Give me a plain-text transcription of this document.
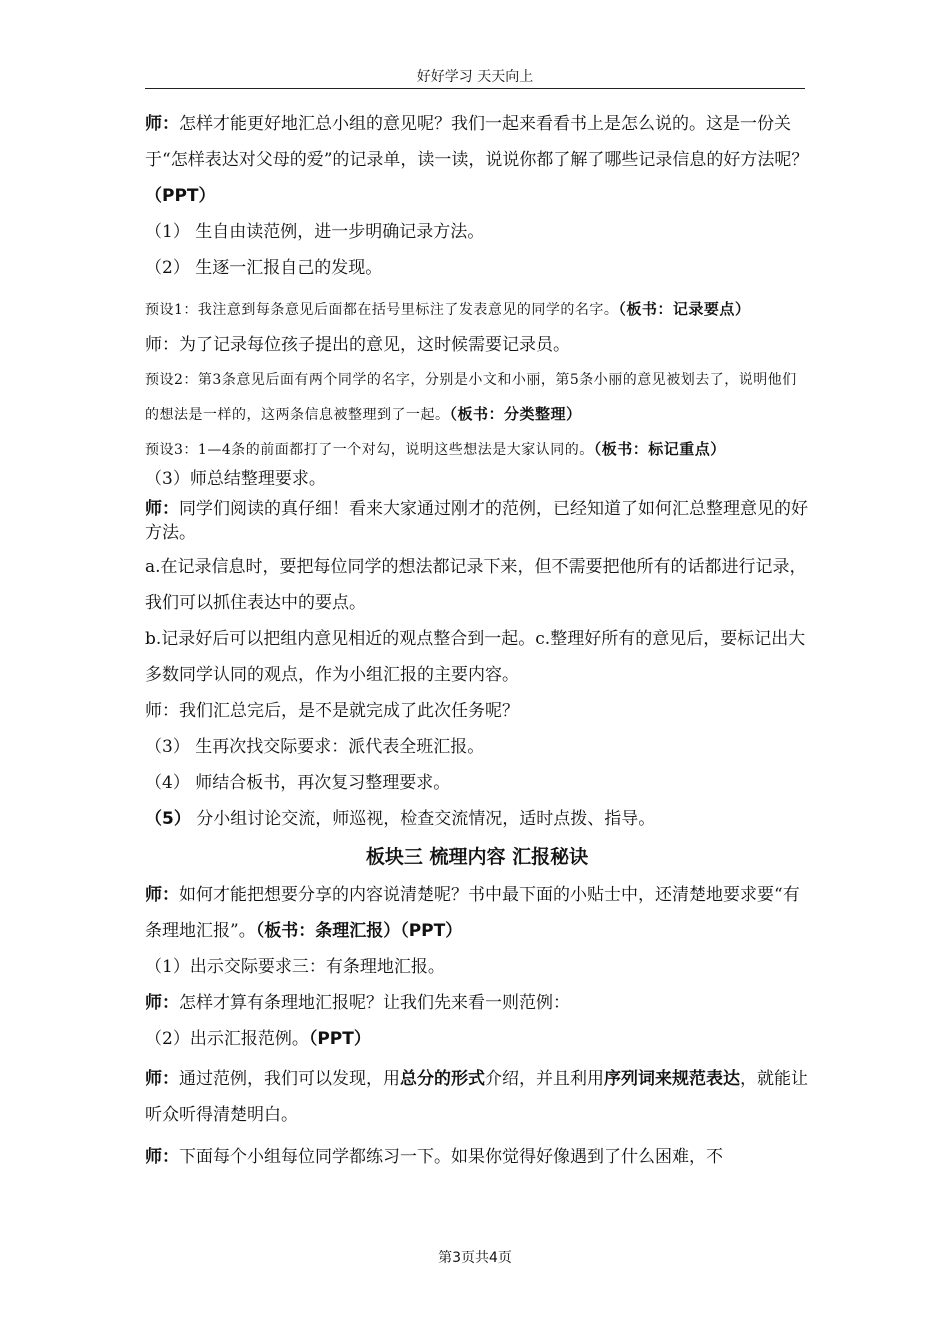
好好学习 天天向上

师：怎样才能更好地汇总小组的意见呢？我们一起来看看书上是怎么说的。这是一份关于“怎样表达对父母的爱”的记录单，读一读，说说你都了解了哪些记录信息的好方法呢？（PPT）

（1） 生自由读范例，进一步明确记录方法。

（2） 生逐一汇报自己的发现。

预设1：我注意到每条意见后面都在括号里标注了发表意见的同学的名字。（板书：记录要点）

师：为了记录每位孩子提出的意见，这时候需要记录员。

预设2：第3条意见后面有两个同学的名字，分别是小文和小丽，第5条小丽的意见被划去了，说明他们的想法是一样的，这两条信息被整理到了一起。（板书：分类整理）

预设3：1—4条的前面都打了一个对勾，说明这些想法是大家认同的。（板书：标记重点）

（3）师总结整理要求。

师：同学们阅读的真仔细！看来大家通过刚才的范例，已经知道了如何汇总整理意见的好方法。

a.在记录信息时，要把每位同学的想法都记录下来，但不需要把他所有的话都进行记录，我们可以抓住表达中的要点。

b.记录好后可以把组内意见相近的观点整合到一起。c.整理好所有的意见后，要标记出大多数同学认同的观点，作为小组汇报的主要内容。

师：我们汇总完后，是不是就完成了此次任务呢？

（3） 生再次找交际要求：派代表全班汇报。

（4） 师结合板书，再次复习整理要求。

（5） 分小组讨论交流，师巡视，检查交流情况，适时点拨、指导。

板块三 梳理内容 汇报秘诀

师：如何才能把想要分享的内容说清楚呢？书中最下面的小贴士中，还清楚地要求要“有条理地汇报”。（板书：条理汇报）（PPT）

（1）出示交际要求三：有条理地汇报。

师：怎样才算有条理地汇报呢？让我们先来看一则范例：

（2）出示汇报范例。（PPT）

师：通过范例，我们可以发现，用总分的形式介绍，并且利用序列词来规范表达，就能让听众听得清楚明白。

师：下面每个小组每位同学都练习一下。如果你觉得好像遇到了什么困难，不

第3页共4页
